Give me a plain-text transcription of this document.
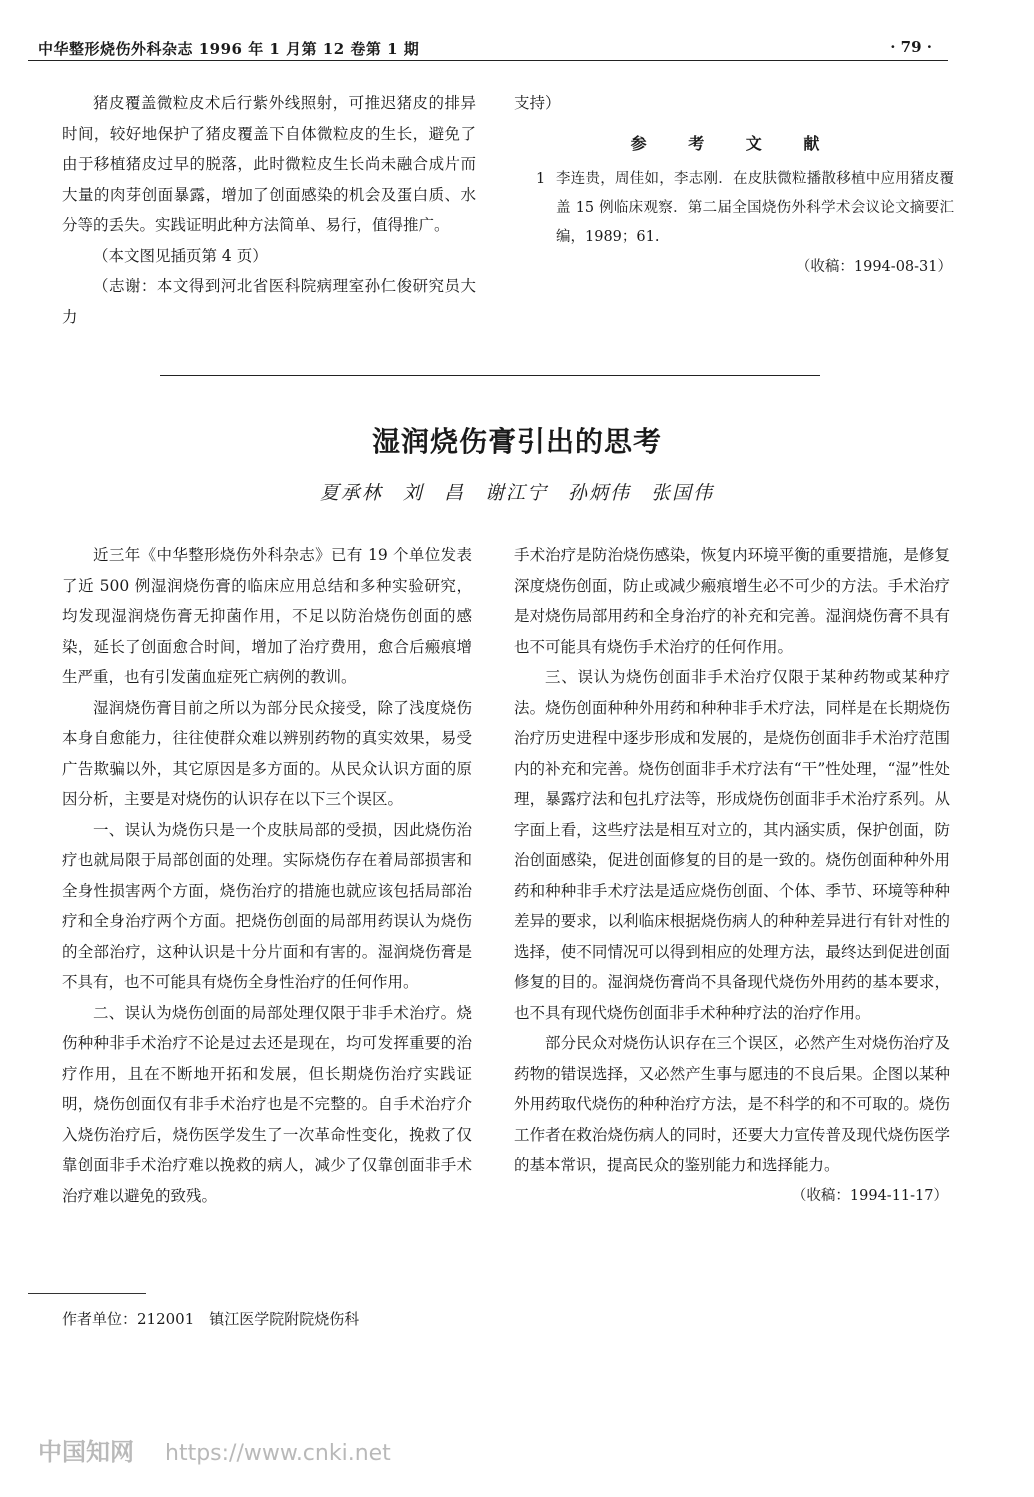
中华整形烧伤外科杂志 1996 年 1 月第 12 卷第 1 期	· 79 ·

猪皮覆盖微粒皮术后行紫外线照射，可推迟猪皮的排异时间，较好地保护了猪皮覆盖下自体微粒皮的生长，避免了由于移植猪皮过早的脱落，此时微粒皮生长尚未融合成片而大量的肉芽创面暴露，增加了创面感染的机会及蛋白质、水分等的丢失。实践证明此种方法简单、易行，值得推广。

（本文图见插页第 4 页）

（志谢：本文得到河北省医科院病理室孙仁俊研究员大力

支持）

参 考 文 献
1 李连贵，周佳如，李志刚．在皮肤微粒播散移植中应用猪皮覆盖 15 例临床观察．第二届全国烧伤外科学术会议论文摘要汇编，1989；61.
（收稿：1994-08-31）
湿润烧伤膏引出的思考
夏承林 刘 昌 谢江宁 孙炳伟 张国伟

近三年《中华整形烧伤外科杂志》已有 19 个单位发表了近 500 例湿润烧伤膏的临床应用总结和多种实验研究，均发现湿润烧伤膏无抑菌作用，不足以防治烧伤创面的感染，延长了创面愈合时间，增加了治疗费用，愈合后瘢痕增生严重，也有引发菌血症死亡病例的教训。

湿润烧伤膏目前之所以为部分民众接受，除了浅度烧伤本身自愈能力，往往使群众难以辨别药物的真实效果，易受广告欺骗以外，其它原因是多方面的。从民众认识方面的原因分析，主要是对烧伤的认识存在以下三个误区。

一、误认为烧伤只是一个皮肤局部的受损，因此烧伤治疗也就局限于局部创面的处理。实际烧伤存在着局部损害和全身性损害两个方面，烧伤治疗的措施也就应该包括局部治疗和全身治疗两个方面。把烧伤创面的局部用药误认为烧伤的全部治疗，这种认识是十分片面和有害的。湿润烧伤膏是不具有，也不可能具有烧伤全身性治疗的任何作用。

二、误认为烧伤创面的局部处理仅限于非手术治疗。烧伤种种非手术治疗不论是过去还是现在，均可发挥重要的治疗作用，且在不断地开拓和发展，但长期烧伤治疗实践证明，烧伤创面仅有非手术治疗也是不完整的。自手术治疗介入烧伤治疗后，烧伤医学发生了一次革命性变化，挽救了仅靠创面非手术治疗难以挽救的病人，减少了仅靠创面非手术治疗难以避免的致残。

手术治疗是防治烧伤感染，恢复内环境平衡的重要措施，是修复深度烧伤创面，防止或减少瘢痕增生必不可少的方法。手术治疗是对烧伤局部用药和全身治疗的补充和完善。湿润烧伤膏不具有也不可能具有烧伤手术治疗的任何作用。

三、误认为烧伤创面非手术治疗仅限于某种药物或某种疗法。烧伤创面种种外用药和种种非手术疗法，同样是在长期烧伤治疗历史进程中逐步形成和发展的，是烧伤创面非手术治疗范围内的补充和完善。烧伤创面非手术疗法有“干”性处理，“湿”性处理，暴露疗法和包扎疗法等，形成烧伤创面非手术治疗系列。从字面上看，这些疗法是相互对立的，其内涵实质，保护创面，防治创面感染，促进创面修复的目的是一致的。烧伤创面种种外用药和种种非手术疗法是适应烧伤创面、个体、季节、环境等种种差异的要求，以利临床根据烧伤病人的种种差异进行有针对性的选择，使不同情况可以得到相应的处理方法，最终达到促进创面修复的目的。湿润烧伤膏尚不具备现代烧伤外用药的基本要求，也不具有现代烧伤创面非手术种种疗法的治疗作用。

部分民众对烧伤认识存在三个误区，必然产生对烧伤治疗及药物的错误选择，又必然产生事与愿违的不良后果。企图以某种外用药取代烧伤的种种治疗方法，是不科学的和不可取的。烧伤工作者在救治烧伤病人的同时，还要大力宣传普及现代烧伤医学的基本常识，提高民众的鉴别能力和选择能力。

（收稿：1994-11-17）
作者单位：212001　镇江医学院附院烧伤科
中国知网 https://www.cnki.net
